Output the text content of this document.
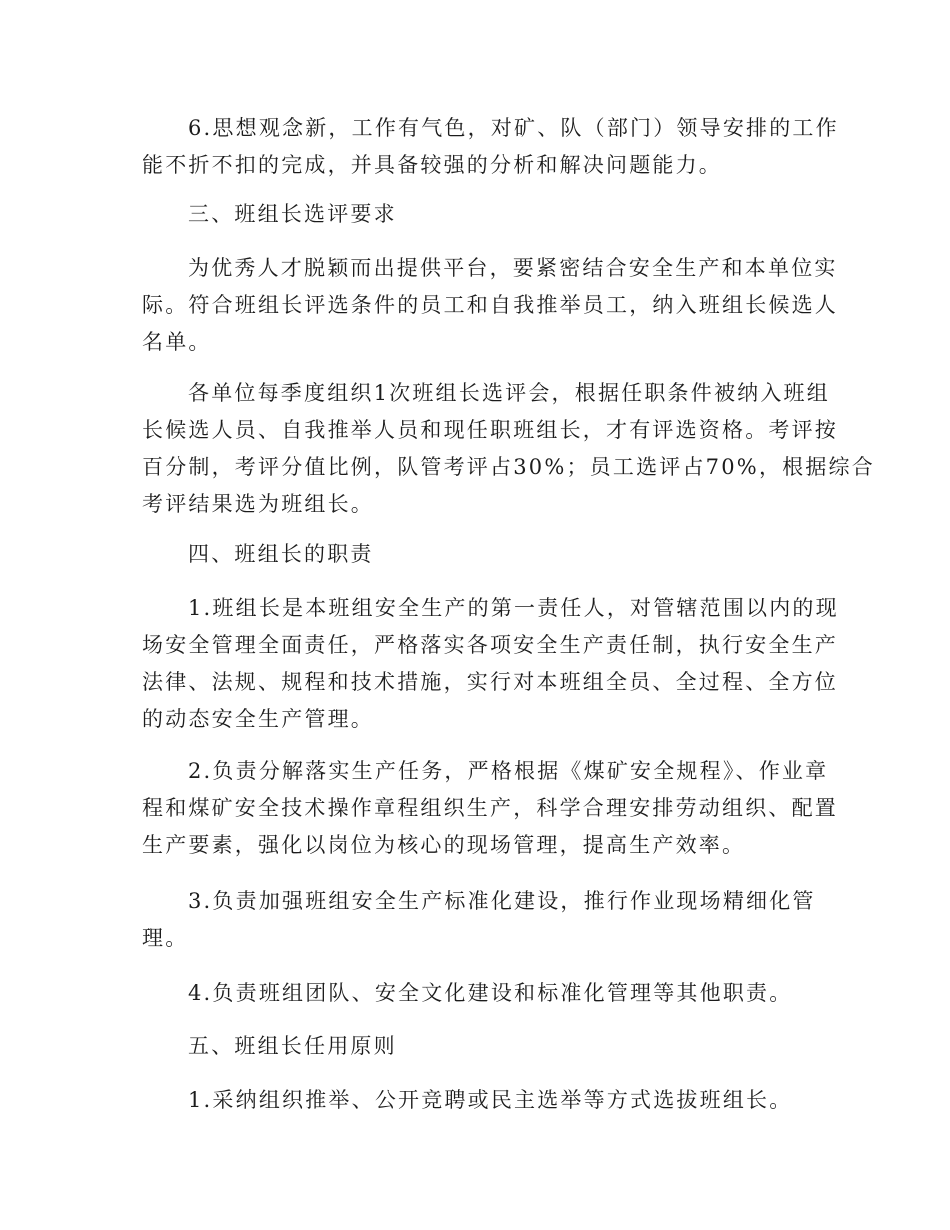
6.思想观念新，工作有气色，对矿、队（部门）领导安排的工作
能不折不扣的完成，并具备较强的分析和解决问题能力。

三、班组长选评要求

为优秀人才脱颖而出提供平台，要紧密结合安全生产和本单位实
际。符合班组长评选条件的员工和自我推举员工，纳入班组长候选人
名单。

各单位每季度组织1次班组长选评会，根据任职条件被纳入班组
长候选人员、自我推举人员和现任职班组长，才有评选资格。考评按
百分制，考评分值比例，队管考评占30%；员工选评占70%，根据综合
考评结果选为班组长。

四、班组长的职责

1.班组长是本班组安全生产的第一责任人，对管辖范围以内的现
场安全管理全面责任，严格落实各项安全生产责任制，执行安全生产
法律、法规、规程和技术措施，实行对本班组全员、全过程、全方位
的动态安全生产管理。

2.负责分解落实生产任务，严格根据《煤矿安全规程》、作业章
程和煤矿安全技术操作章程组织生产，科学合理安排劳动组织、配置
生产要素，强化以岗位为核心的现场管理，提高生产效率。

3.负责加强班组安全生产标准化建设，推行作业现场精细化管
理。

4.负责班组团队、安全文化建设和标准化管理等其他职责。

五、班组长任用原则

1.采纳组织推举、公开竞聘或民主选举等方式选拔班组长。
